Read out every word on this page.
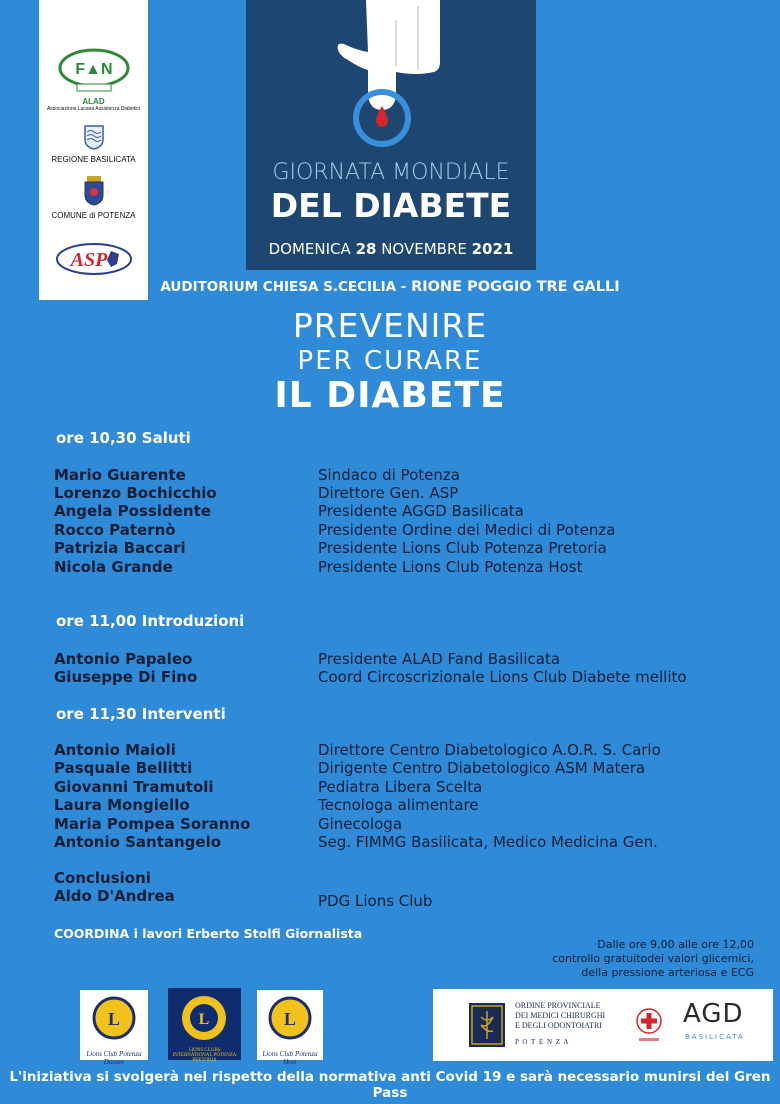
F▲N
ALAD
Associazione Lucana Assistenza Diabetici
REGIONE BASILICATA
COMUNE di POTENZA
ASP
GIORNATA MONDIALE
DEL DIABETE
DOMENICA 28 NOVEMBRE 2021
AUDITORIUM CHIESA S.CECILIA - RIONE POGGIO TRE GALLI
PREVENIRE
PER CURARE
IL DIABETE
ore 10,30 Saluti
Mario Guarente	Sindaco di Potenza
Lorenzo Bochicchio	Direttore Gen. ASP
Angela Possidente	Presidente AGGD Basilicata
Rocco Paternò	Presidente Ordine dei Medici di Potenza
Patrizia Baccari	Presidente Lions Club Potenza Pretoria
Nicola Grande	Presidente Lions Club Potenza Host
ore 11,00 Introduzioni
Antonio Papaleo	Presidente ALAD Fand Basilicata
Giuseppe Di Fino	Coord Circoscrizionale Lions Club Diabete mellito
ore 11,30 Interventi
Antonio Maioli	Direttore Centro Diabetologico A.O.R. S. Carlo
Pasquale Bellitti	Dirigente Centro Diabetologico ASM Matera
Giovanni Tramutoli	Pediatra Libera Scelta
Laura Mongiello	Tecnologa alimentare
Maria Pompea Soranno	Ginecologa
Antonio Santangelo	Seg. FIMMG Basilicata, Medico Medicina Gen.
Conclusioni
Aldo D'Andrea	PDG Lions Club
COORDINA i lavori Erberto Stolfi Giornalista
Dalle ore 9,00 alle ore 12,00
controllo gratuitodei valori glicemici,
della pressione arteriosa e ECG
L
Lions Club Potenza Duomo
L
LIONS CLUBS INTERNATIONAL POTENZA PRETORIA
L
Lions Club Potenza Host
ORDINE PROVINCIALE
DEI MEDICI CHIRURGHI
E DEGLI ODONTOIATRI
P O T E N Z A
AGD
BASILICATA
L'iniziativa si svolgerà nel rispetto della normativa anti Covid 19 e sarà necessario munirsi del Gren Pass
